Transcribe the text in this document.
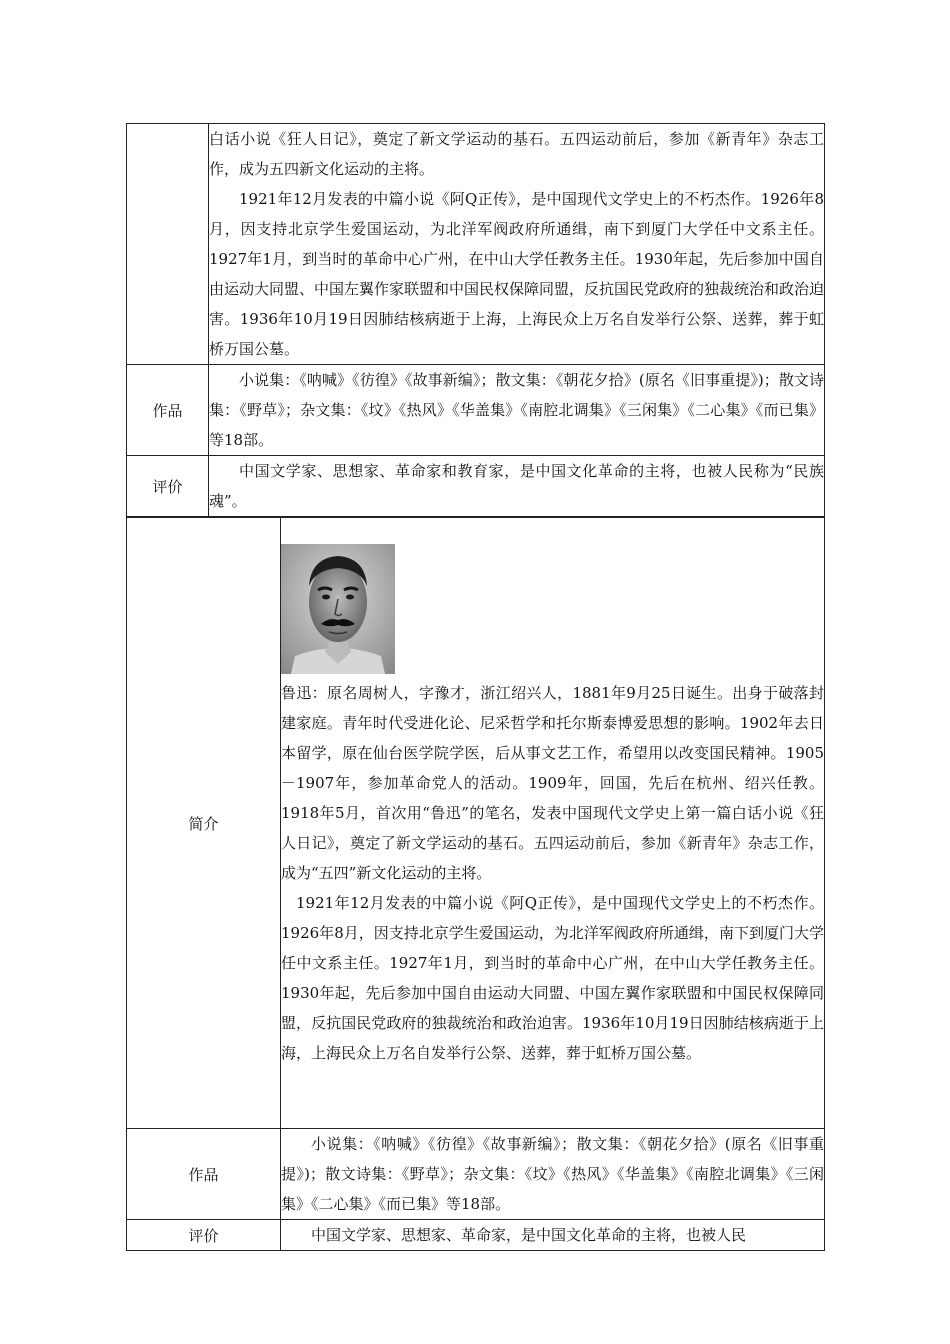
	白话小说《狂人日记》，奠定了新文学运动的基石。五四运动前后，参加《新青年》杂志工作，成为五四新文化运动的主将。

1921年12月发表的中篇小说《阿Q正传》，是中国现代文学史上的不朽杰作。1926年8月，因支持北京学生爱国运动，为北洋军阀政府所通缉，南下到厦门大学任中文系主任。1927年1月，到当时的革命中心广州，在中山大学任教务主任。1930年起，先后参加中国自由运动大同盟、中国左翼作家联盟和中国民权保障同盟，反抗国民党政府的独裁统治和政治迫害。1936年10月19日因肺结核病逝于上海，上海民众上万名自发举行公祭、送葬，葬于虹桥万国公墓。

作品	小说集：《呐喊》《彷徨》《故事新编》；散文集：《朝花夕拾》(原名《旧事重提》)；散文诗集：《野草》；杂文集：《坟》《热风》《华盖集》《南腔北调集》《三闲集》《二心集》《而已集》等18部。

评价	中国文学家、思想家、革命家和教育家，是中国文化革命的主将，也被人民称为“民族魂”。

简介	鲁迅：原名周树人，字豫才，浙江绍兴人，1881年9月25日诞生。出身于破落封建家庭。青年时代受进化论、尼采哲学和托尔斯泰博爱思想的影响。1902年去日本留学，原在仙台医学院学医，后从事文艺工作，希望用以改变国民精神。1905－1907年，参加革命党人的活动。1909年，回国，先后在杭州、绍兴任教。1918年5月，首次用“鲁迅”的笔名，发表中国现代文学史上第一篇白话小说《狂人日记》，奠定了新文学运动的基石。五四运动前后，参加《新青年》杂志工作，成为“五四”新文化运动的主将。

1921年12月发表的中篇小说《阿Q正传》，是中国现代文学史上的不朽杰作。1926年8月，因支持北京学生爱国运动，为北洋军阀政府所通缉，南下到厦门大学任中文系主任。1927年1月，到当时的革命中心广州，在中山大学任教务主任。1930年起，先后参加中国自由运动大同盟、中国左翼作家联盟和中国民权保障同盟，反抗国民党政府的独裁统治和政治迫害。1936年10月19日因肺结核病逝于上海，上海民众上万名自发举行公祭、送葬，葬于虹桥万国公墓。

作品	小说集：《呐喊》《彷徨》《故事新编》；散文集：《朝花夕拾》(原名《旧事重提》)；散文诗集：《野草》；杂文集：《坟》《热风》《华盖集》《南腔北调集》《三闲集》《二心集》《而已集》等18部。

评价	中国文学家、思想家、革命家，是中国文化革命的主将，也被人民
